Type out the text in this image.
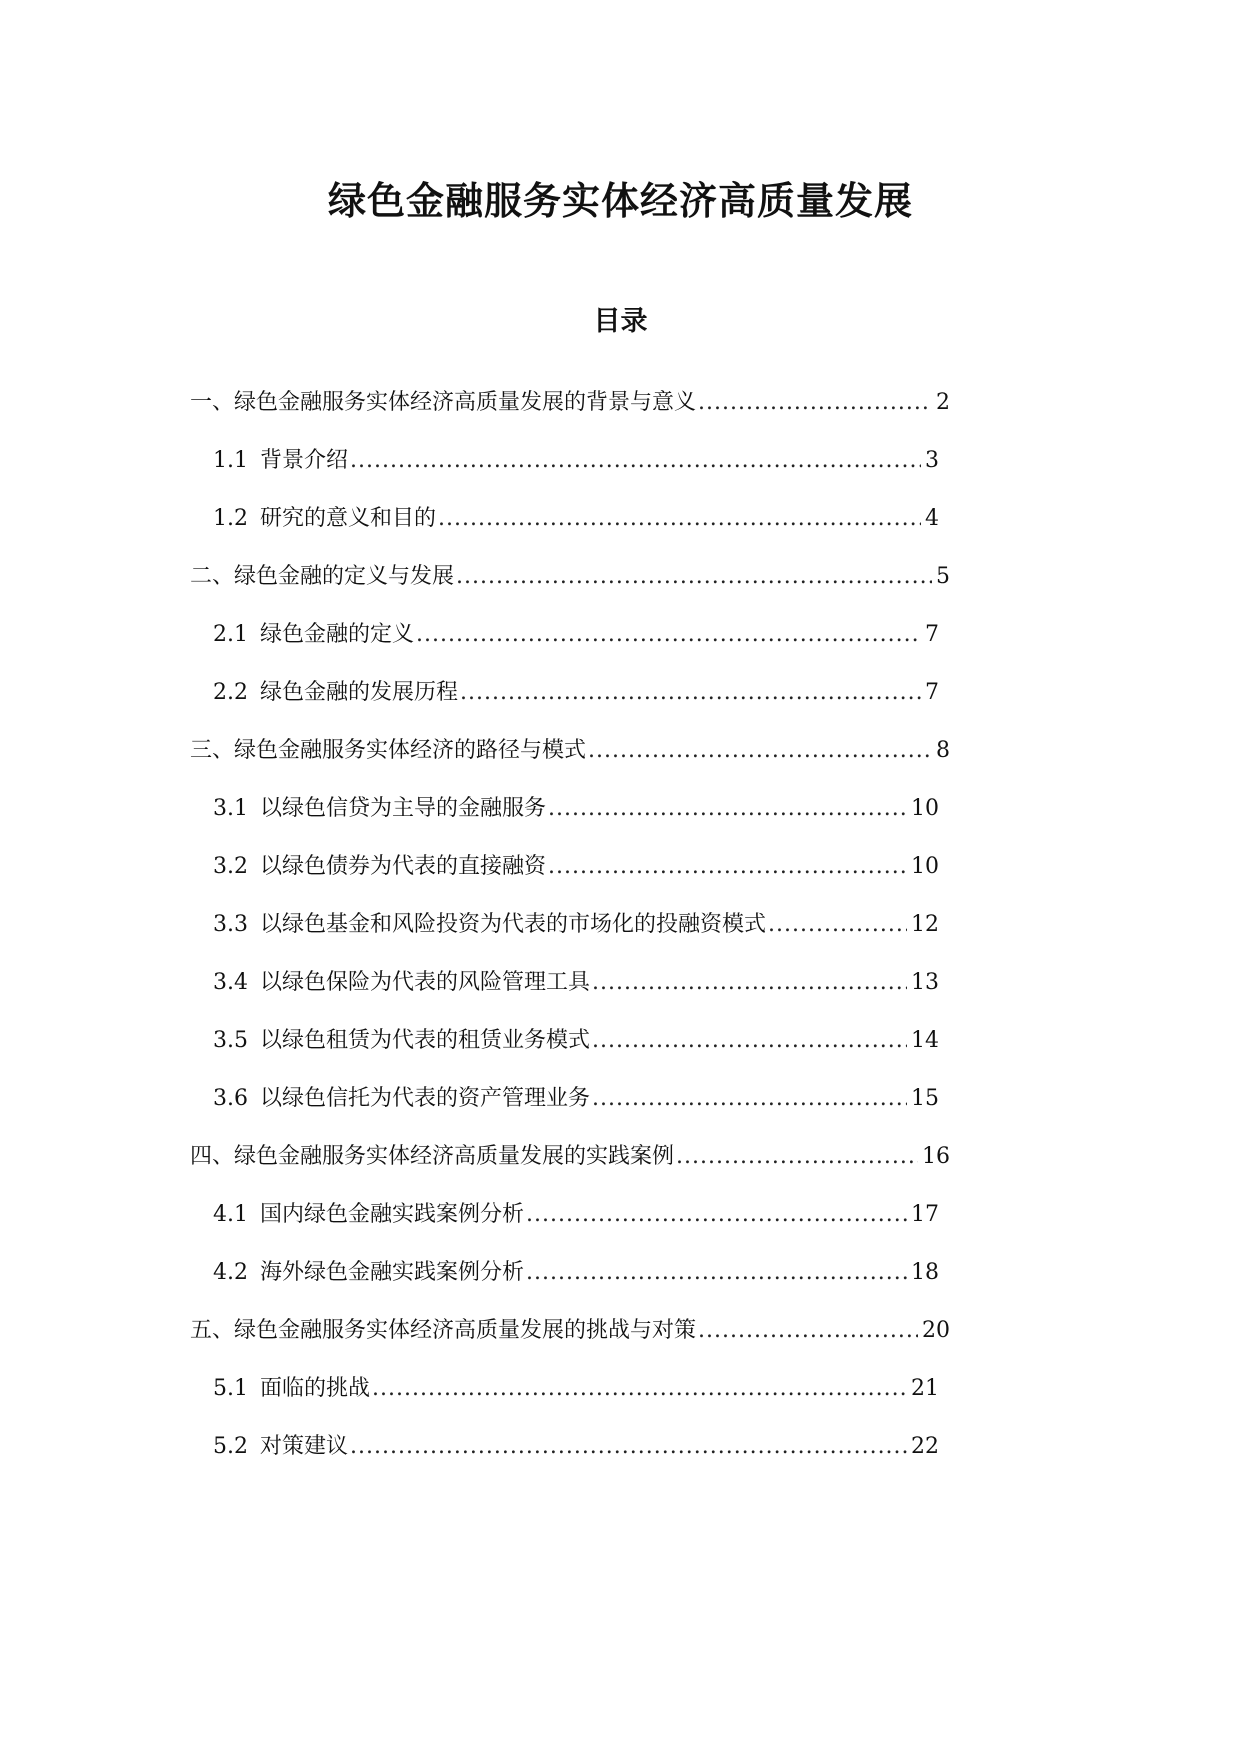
绿色金融服务实体经济高质量发展
目录
一、绿色金融服务实体经济高质量发展的背景与意义 .....	2
1.1 背景介绍 .....	3
1.2 研究的意义和目的 .....	4
二、绿色金融的定义与发展 .....	5
2.1 绿色金融的定义 .....	7
2.2 绿色金融的发展历程 .....	7
三、绿色金融服务实体经济的路径与模式 .....	8
3.1 以绿色信贷为主导的金融服务 .....	10
3.2 以绿色债券为代表的直接融资 .....	10
3.3 以绿色基金和风险投资为代表的市场化的投融资模式 .....	12
3.4 以绿色保险为代表的风险管理工具 .....	13
3.5 以绿色租赁为代表的租赁业务模式 .....	14
3.6 以绿色信托为代表的资产管理业务 .....	15
四、绿色金融服务实体经济高质量发展的实践案例 .....	16
4.1 国内绿色金融实践案例分析 .....	17
4.2 海外绿色金融实践案例分析 .....	18
五、绿色金融服务实体经济高质量发展的挑战与对策 .....	20
5.1 面临的挑战 .....	21
5.2 对策建议 .....	22
